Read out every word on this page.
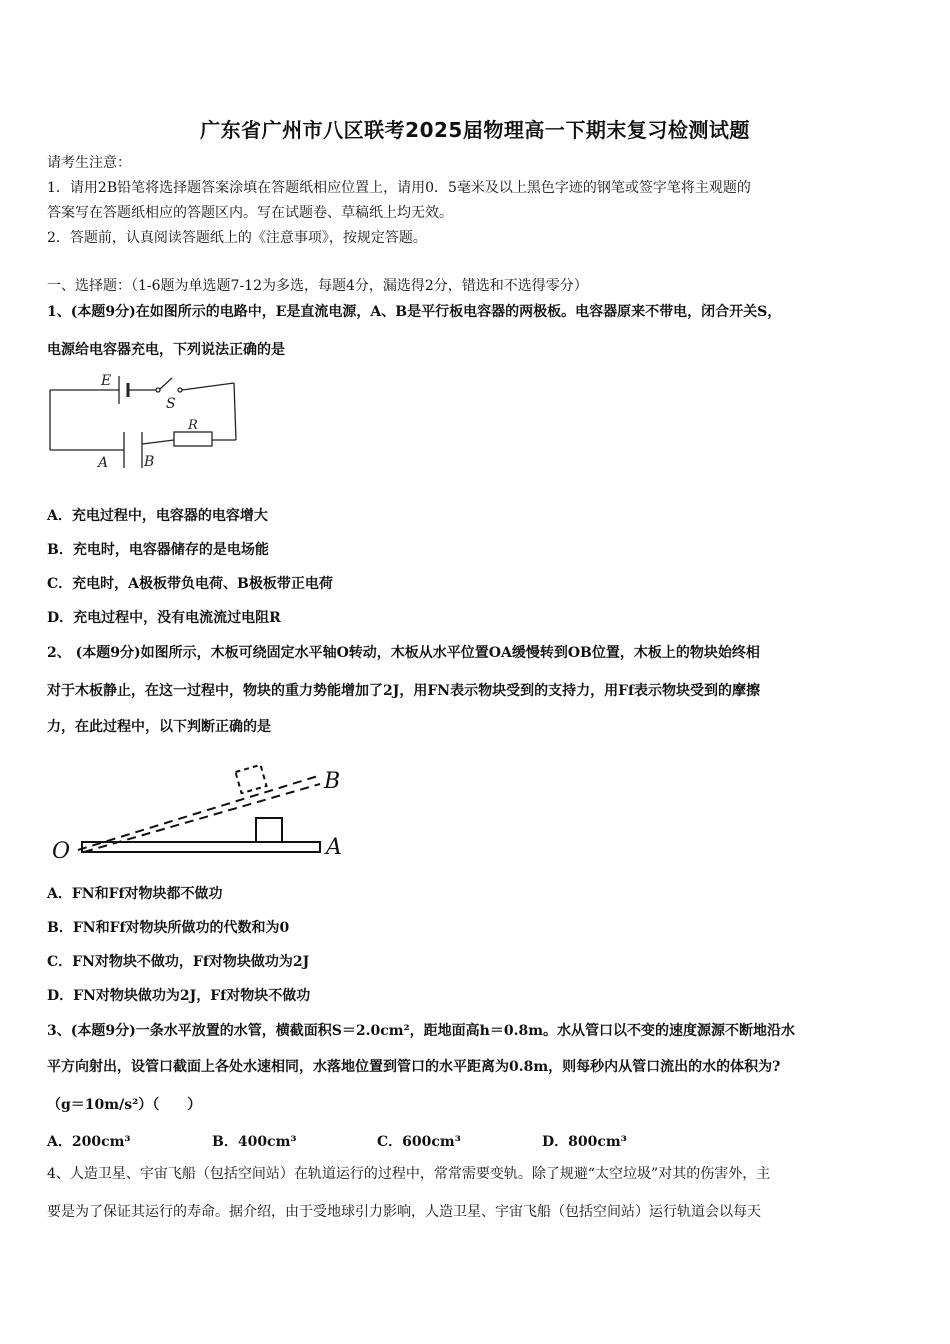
广东省广州市八区联考2025届物理高一下期末复习检测试题
请考生注意：
1．请用2B铅笔将选择题答案涂填在答题纸相应位置上，请用0．5毫米及以上黑色字迹的钢笔或签字笔将主观题的
答案写在答题纸相应的答题区内。写在试题卷、草稿纸上均无效。
2．答题前，认真阅读答题纸上的《注意事项》，按规定答题。
一、选择题：（1-6题为单选题7-12为多选，每题4分，漏选得2分，错选和不选得零分）
1、(本题9分)在如图所示的电路中，E是直流电源，A、B是平行板电容器的两极板。电容器原来不带电，闭合开关S，
电源给电容器充电，下列说法正确的是
E
S
R
A	B
A．充电过程中，电容器的电容增大
B．充电时，电容器储存的是电场能
C．充电时，A极板带负电荷、B极板带正电荷
D．充电过程中，没有电流流过电阻R
2、 (本题9分)如图所示，木板可绕固定水平轴O转动，木板从水平位置OA缓慢转到OB位置，木板上的物块始终相
对于木板静止，在这一过程中，物块的重力势能增加了2J，用FN表示物块受到的支持力，用Ff表示物块受到的摩擦
力，在此过程中，以下判断正确的是
O	A
B
A．FN和Ff对物块都不做功
B．FN和Ff对物块所做功的代数和为0
C．FN对物块不做功，Ff对物块做功为2J
D．FN对物块做功为2J，Ff对物块不做功
3、(本题9分)一条水平放置的水管，横截面积S＝2.0cm²，距地面高h＝0.8m。水从管口以不变的速度源源不断地沿水
平方向射出，设管口截面上各处水速相同，水落地位置到管口的水平距离为0.8m，则每秒内从管口流出的水的体积为?
（g＝10m/s²）（　　）
A．200cm³	B．400cm³	C．600cm³	D．800cm³
4、人造卫星、宇宙飞船（包括空间站）在轨道运行的过程中，常常需要变轨。除了规避“太空垃圾”对其的伤害外，主
要是为了保证其运行的寿命。据介绍，由于受地球引力影响，人造卫星、宇宙飞船（包括空间站）运行轨道会以每天
